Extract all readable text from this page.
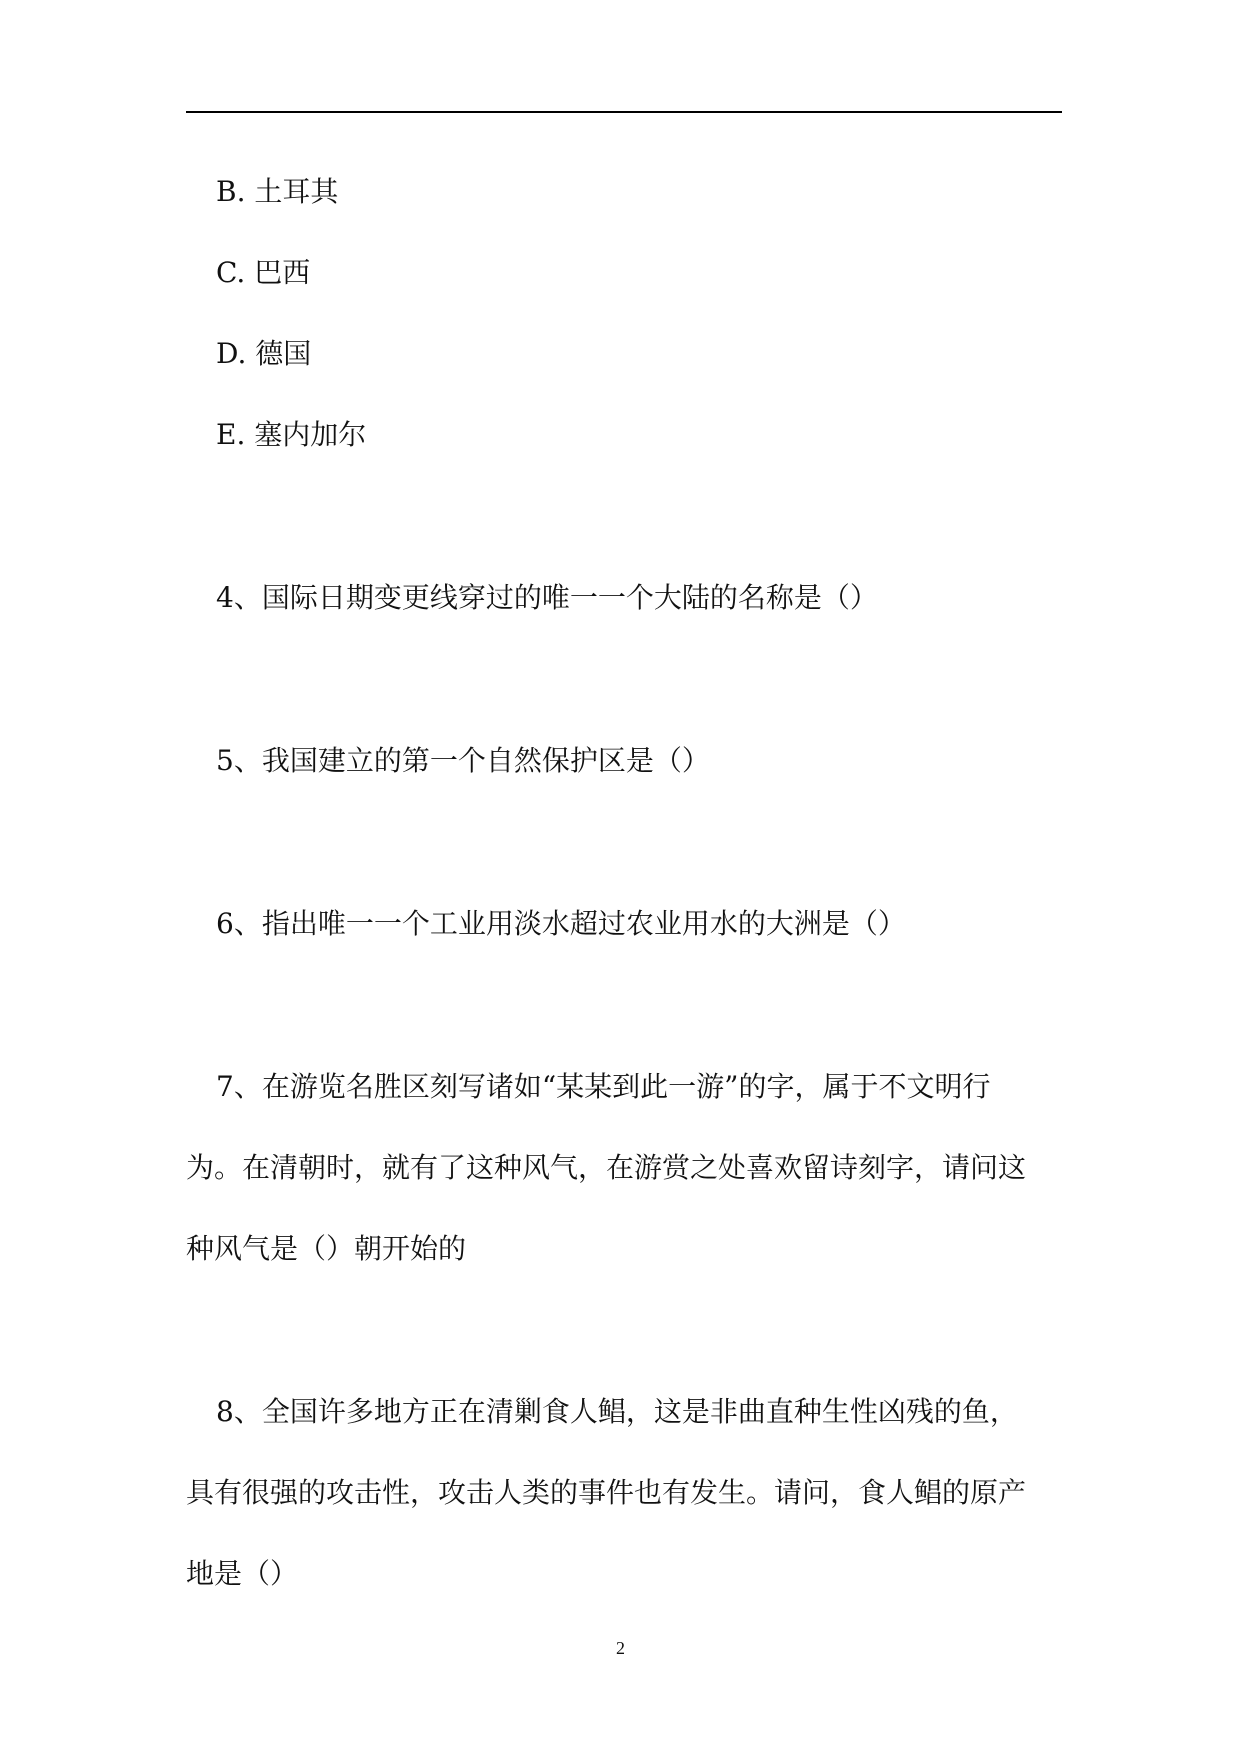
B. 土耳其
C. 巴西
D. 德国
E. 塞内加尔
4、国际日期变更线穿过的唯一一个大陆的名称是（）
5、我国建立的第一个自然保护区是（）
6、指出唯一一个工业用淡水超过农业用水的大洲是（）
7、在游览名胜区刻写诸如“某某到此一游”的字，属于不文明行
为。在清朝时，就有了这种风气，在游赏之处喜欢留诗刻字，请问这
种风气是（）朝开始的
8、全国许多地方正在清剿食人鲳，这是非曲直种生性凶残的鱼，
具有很强的攻击性，攻击人类的事件也有发生。请问，食人鲳的原产
地是（）
2
